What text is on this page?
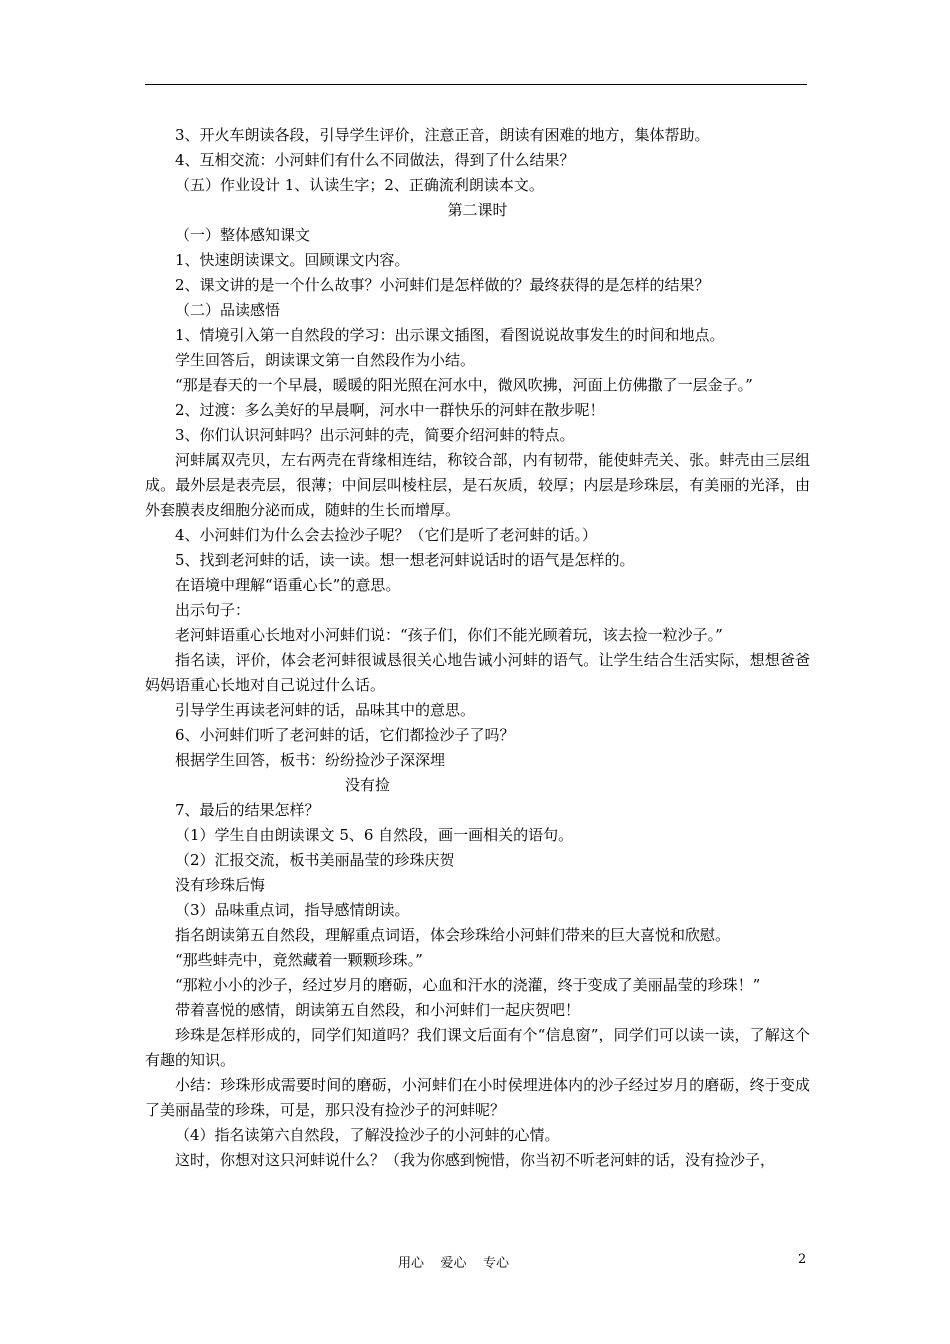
3、开火车朗读各段，引导学生评价，注意正音，朗读有困难的地方，集体帮助。

4、互相交流：小河蚌们有什么不同做法，得到了什么结果？

（五）作业设计 1、认读生字；2、正确流利朗读本文。

第二课时

（一）整体感知课文

1、快速朗读课文。回顾课文内容。

2、课文讲的是一个什么故事？小河蚌们是怎样做的？最终获得的是怎样的结果？

（二）品读感悟

1、情境引入第一自然段的学习：出示课文插图，看图说说故事发生的时间和地点。

学生回答后，朗读课文第一自然段作为小结。

“那是春天的一个早晨，暖暖的阳光照在河水中，微风吹拂，河面上仿佛撒了一层金子。”

2、过渡：多么美好的早晨啊，河水中一群快乐的河蚌在散步呢！

3、你们认识河蚌吗？出示河蚌的壳，简要介绍河蚌的特点。

河蚌属双壳贝，左右两壳在背缘相连结，称铰合部，内有韧带，能使蚌壳关、张。蚌壳由三层组成。最外层是表壳层，很薄；中间层叫棱柱层，是石灰质，较厚；内层是珍珠层，有美丽的光泽，由外套膜表皮细胞分泌而成，随蚌的生长而增厚。

4、小河蚌们为什么会去捡沙子呢？（它们是听了老河蚌的话。）

5、找到老河蚌的话，读一读。想一想老河蚌说话时的语气是怎样的。

在语境中理解“语重心长”的意思。

出示句子：

老河蚌语重心长地对小河蚌们说：“孩子们，你们不能光顾着玩，该去捡一粒沙子。”

指名读，评价，体会老河蚌很诚恳很关心地告诫小河蚌的语气。让学生结合生活实际，想想爸爸妈妈语重心长地对自己说过什么话。

引导学生再读老河蚌的话，品味其中的意思。

6、小河蚌们听了老河蚌的话，它们都捡沙子了吗？

根据学生回答，板书：纷纷捡沙子深深埋

没有捡

7、最后的结果怎样？

（1）学生自由朗读课文 5、6 自然段，画一画相关的语句。

（2）汇报交流，板书美丽晶莹的珍珠庆贺

没有珍珠后悔

（3）品味重点词，指导感情朗读。

指名朗读第五自然段，理解重点词语，体会珍珠给小河蚌们带来的巨大喜悦和欣慰。

“那些蚌壳中，竟然藏着一颗颗珍珠。”

“那粒小小的沙子，经过岁月的磨砺，心血和汗水的浇灌，终于变成了美丽晶莹的珍珠！”

带着喜悦的感情，朗读第五自然段，和小河蚌们一起庆贺吧！

珍珠是怎样形成的，同学们知道吗？我们课文后面有个“信息窗”，同学们可以读一读，了解这个有趣的知识。

小结：珍珠形成需要时间的磨砺，小河蚌们在小时侯埋进体内的沙子经过岁月的磨砺，终于变成了美丽晶莹的珍珠，可是，那只没有捡沙子的河蚌呢？

（4）指名读第六自然段，了解没捡沙子的小河蚌的心情。

这时，你想对这只河蚌说什么？（我为你感到惋惜，你当初不听老河蚌的话，没有捡沙子，

用心    爱心    专心	2
